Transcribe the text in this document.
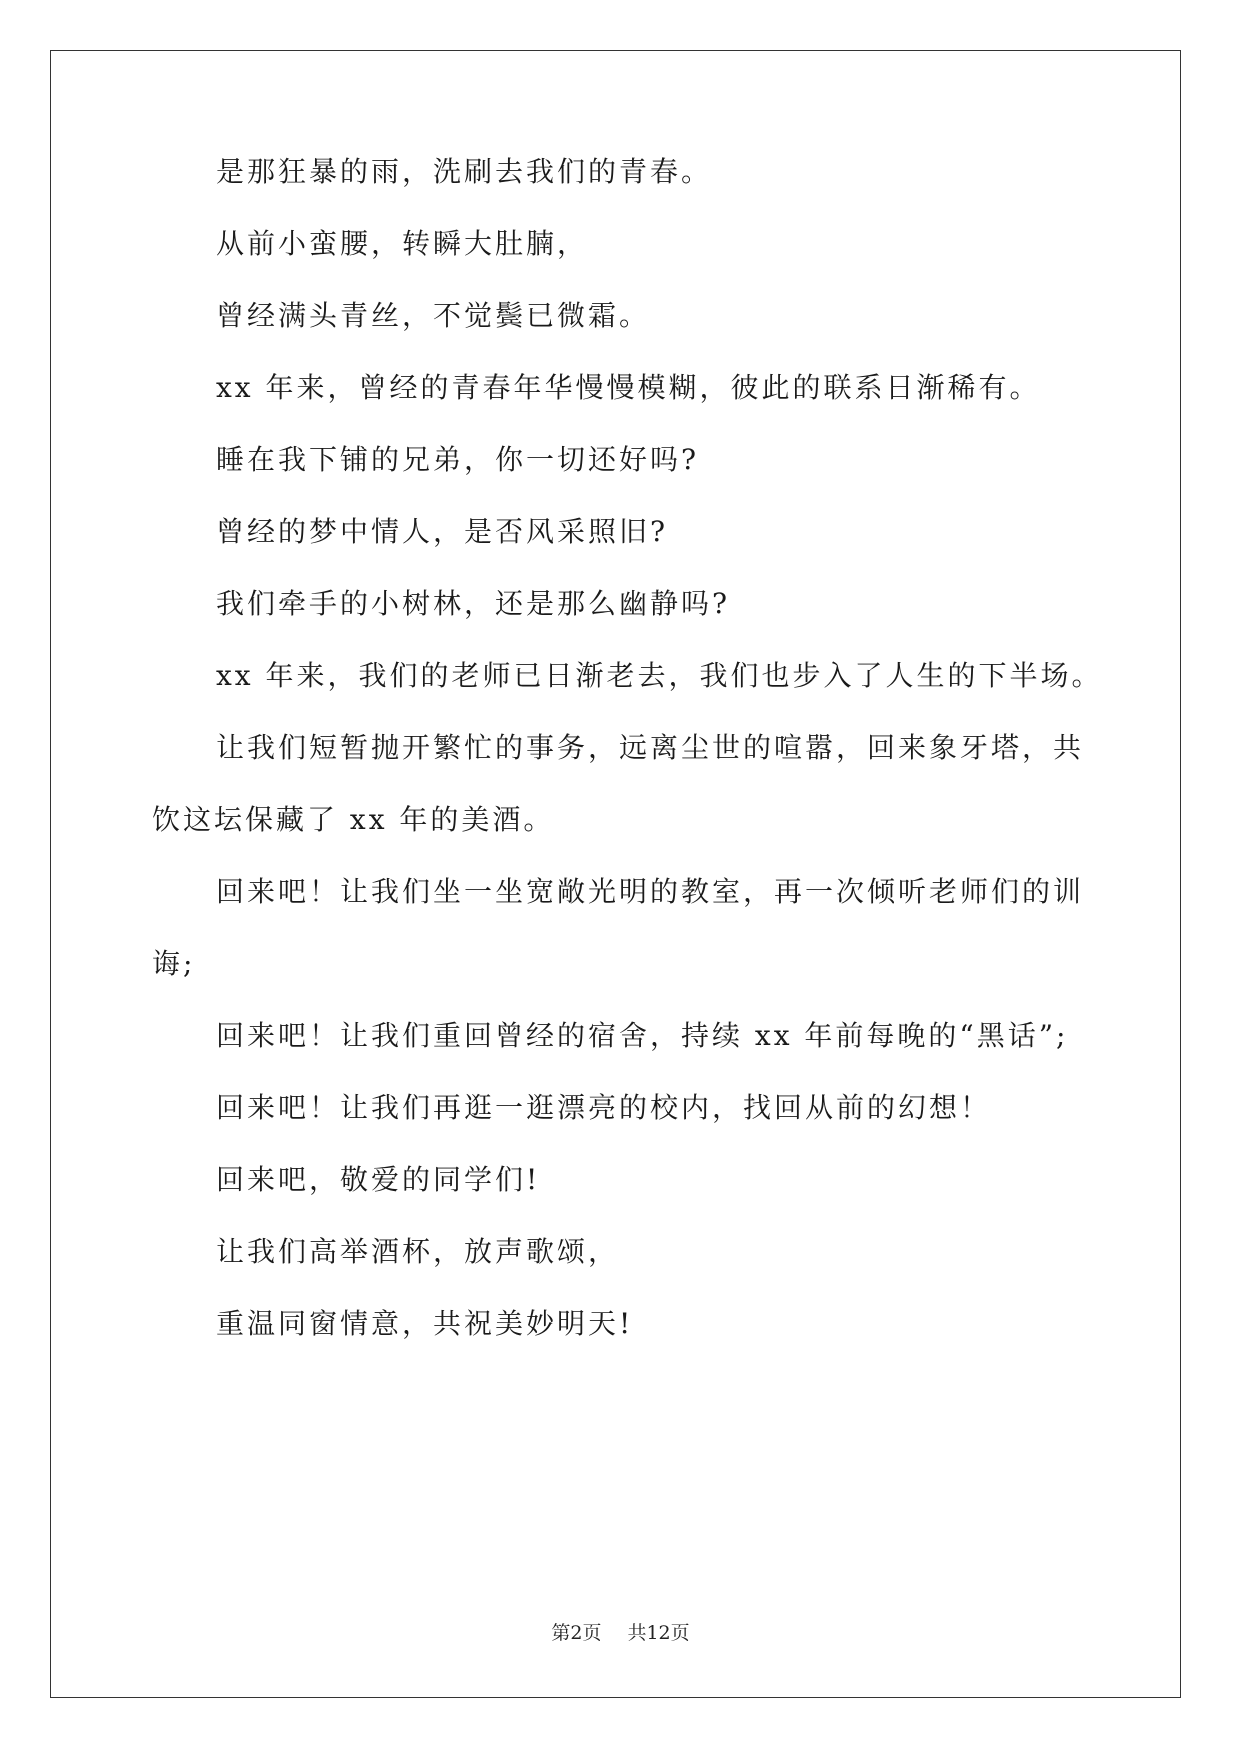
是那狂暴的雨，洗刷去我们的青春。
从前小蛮腰，转瞬大肚腩，
曾经满头青丝，不觉鬓已微霜。
xx 年来，曾经的青春年华慢慢模糊，彼此的联系日渐稀有。
睡在我下铺的兄弟，你一切还好吗?
曾经的梦中情人，是否风采照旧?
我们牵手的小树林，还是那么幽静吗?
xx 年来，我们的老师已日渐老去，我们也步入了人生的下半场。
让我们短暂抛开繁忙的事务，远离尘世的喧嚣，回来象牙塔，共
饮这坛保藏了 xx 年的美酒。
回来吧！让我们坐一坐宽敞光明的教室，再一次倾听老师们的训
诲;
回来吧！让我们重回曾经的宿舍，持续 xx 年前每晚的“黑话”;
回来吧！让我们再逛一逛漂亮的校内，找回从前的幻想！
回来吧，敬爱的同学们!
让我们高举酒杯，放声歌颂，
重温同窗情意，共祝美妙明天!
第2页 共12页
